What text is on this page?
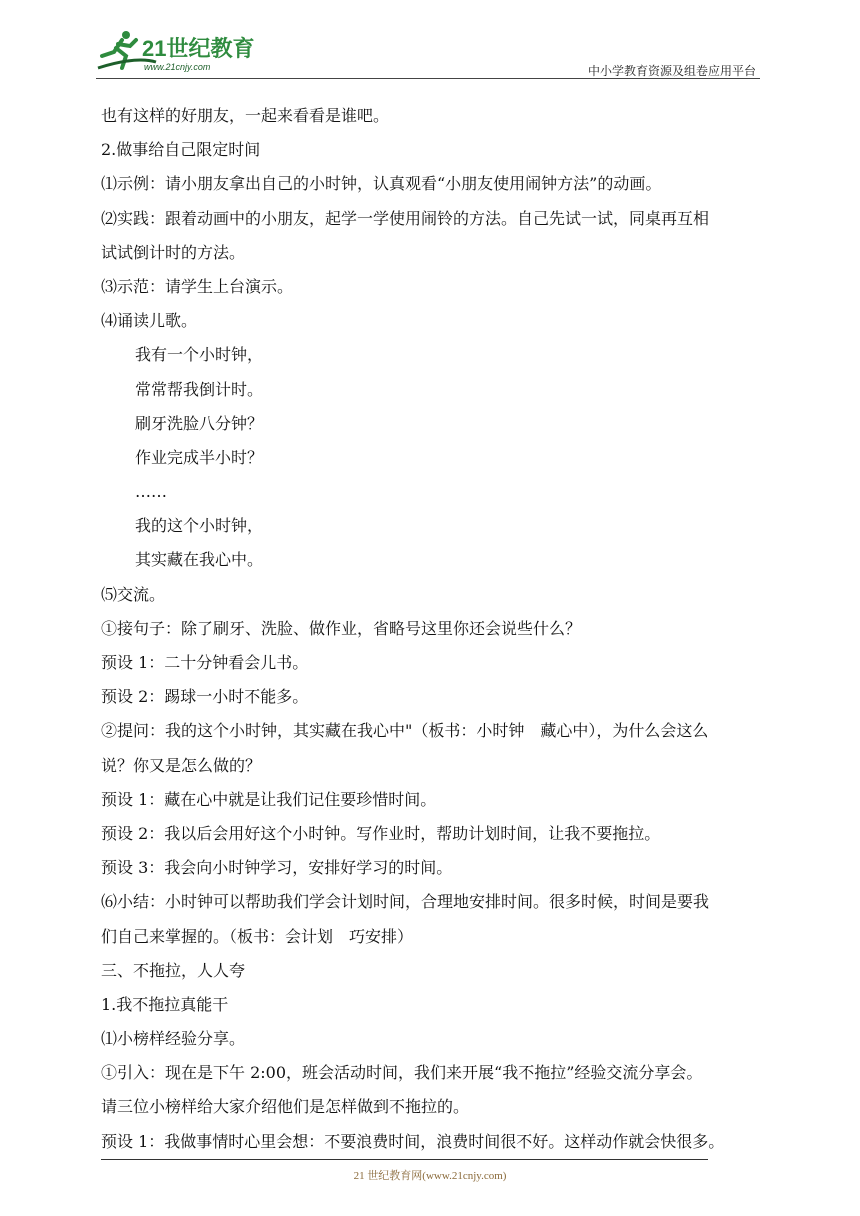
21世纪教育
www.21cnjy.com	中小学教育资源及组卷应用平台
也有这样的好朋友，一起来看看是谁吧。
2.做事给自己限定时间
⑴示例：请小朋友拿出自己的小时钟，认真观看“小朋友使用闹钟方法”的动画。
⑵实践：跟着动画中的小朋友，起学一学使用闹铃的方法。自己先试一试，同桌再互相
试试倒计时的方法。
⑶示范：请学生上台演示。
⑷诵读儿歌。
我有一个小时钟，
常常帮我倒计时。
刷牙洗脸八分钟？
作业完成半小时？
……
我的这个小时钟，
其实藏在我心中。
⑸交流。
①接句子：除了刷牙、洗脸、做作业，省略号这里你还会说些什么？
预设 1：二十分钟看会儿书。
预设 2：踢球一小时不能多。
②提问：我的这个小时钟，其实藏在我心中"（板书：小时钟　藏心中），为什么会这么
说？你又是怎么做的？
预设 1：藏在心中就是让我们记住要珍惜时间。
预设 2：我以后会用好这个小时钟。写作业时，帮助计划时间，让我不要拖拉。
预设 3：我会向小时钟学习，安排好学习的时间。
⑹小结：小时钟可以帮助我们学会计划时间，合理地安排时间。很多时候，时间是要我
们自己来掌握的。（板书：会计划　巧安排）
三、不拖拉，人人夸
1.我不拖拉真能干
⑴小榜样经验分享。
①引入：现在是下午 2:00，班会活动时间，我们来开展“我不拖拉”经验交流分享会。
请三位小榜样给大家介绍他们是怎样做到不拖拉的。
预设 1：我做事情时心里会想：不要浪费时间，浪费时间很不好。这样动作就会快很多。
21 世纪教育网(www.21cnjy.com)
